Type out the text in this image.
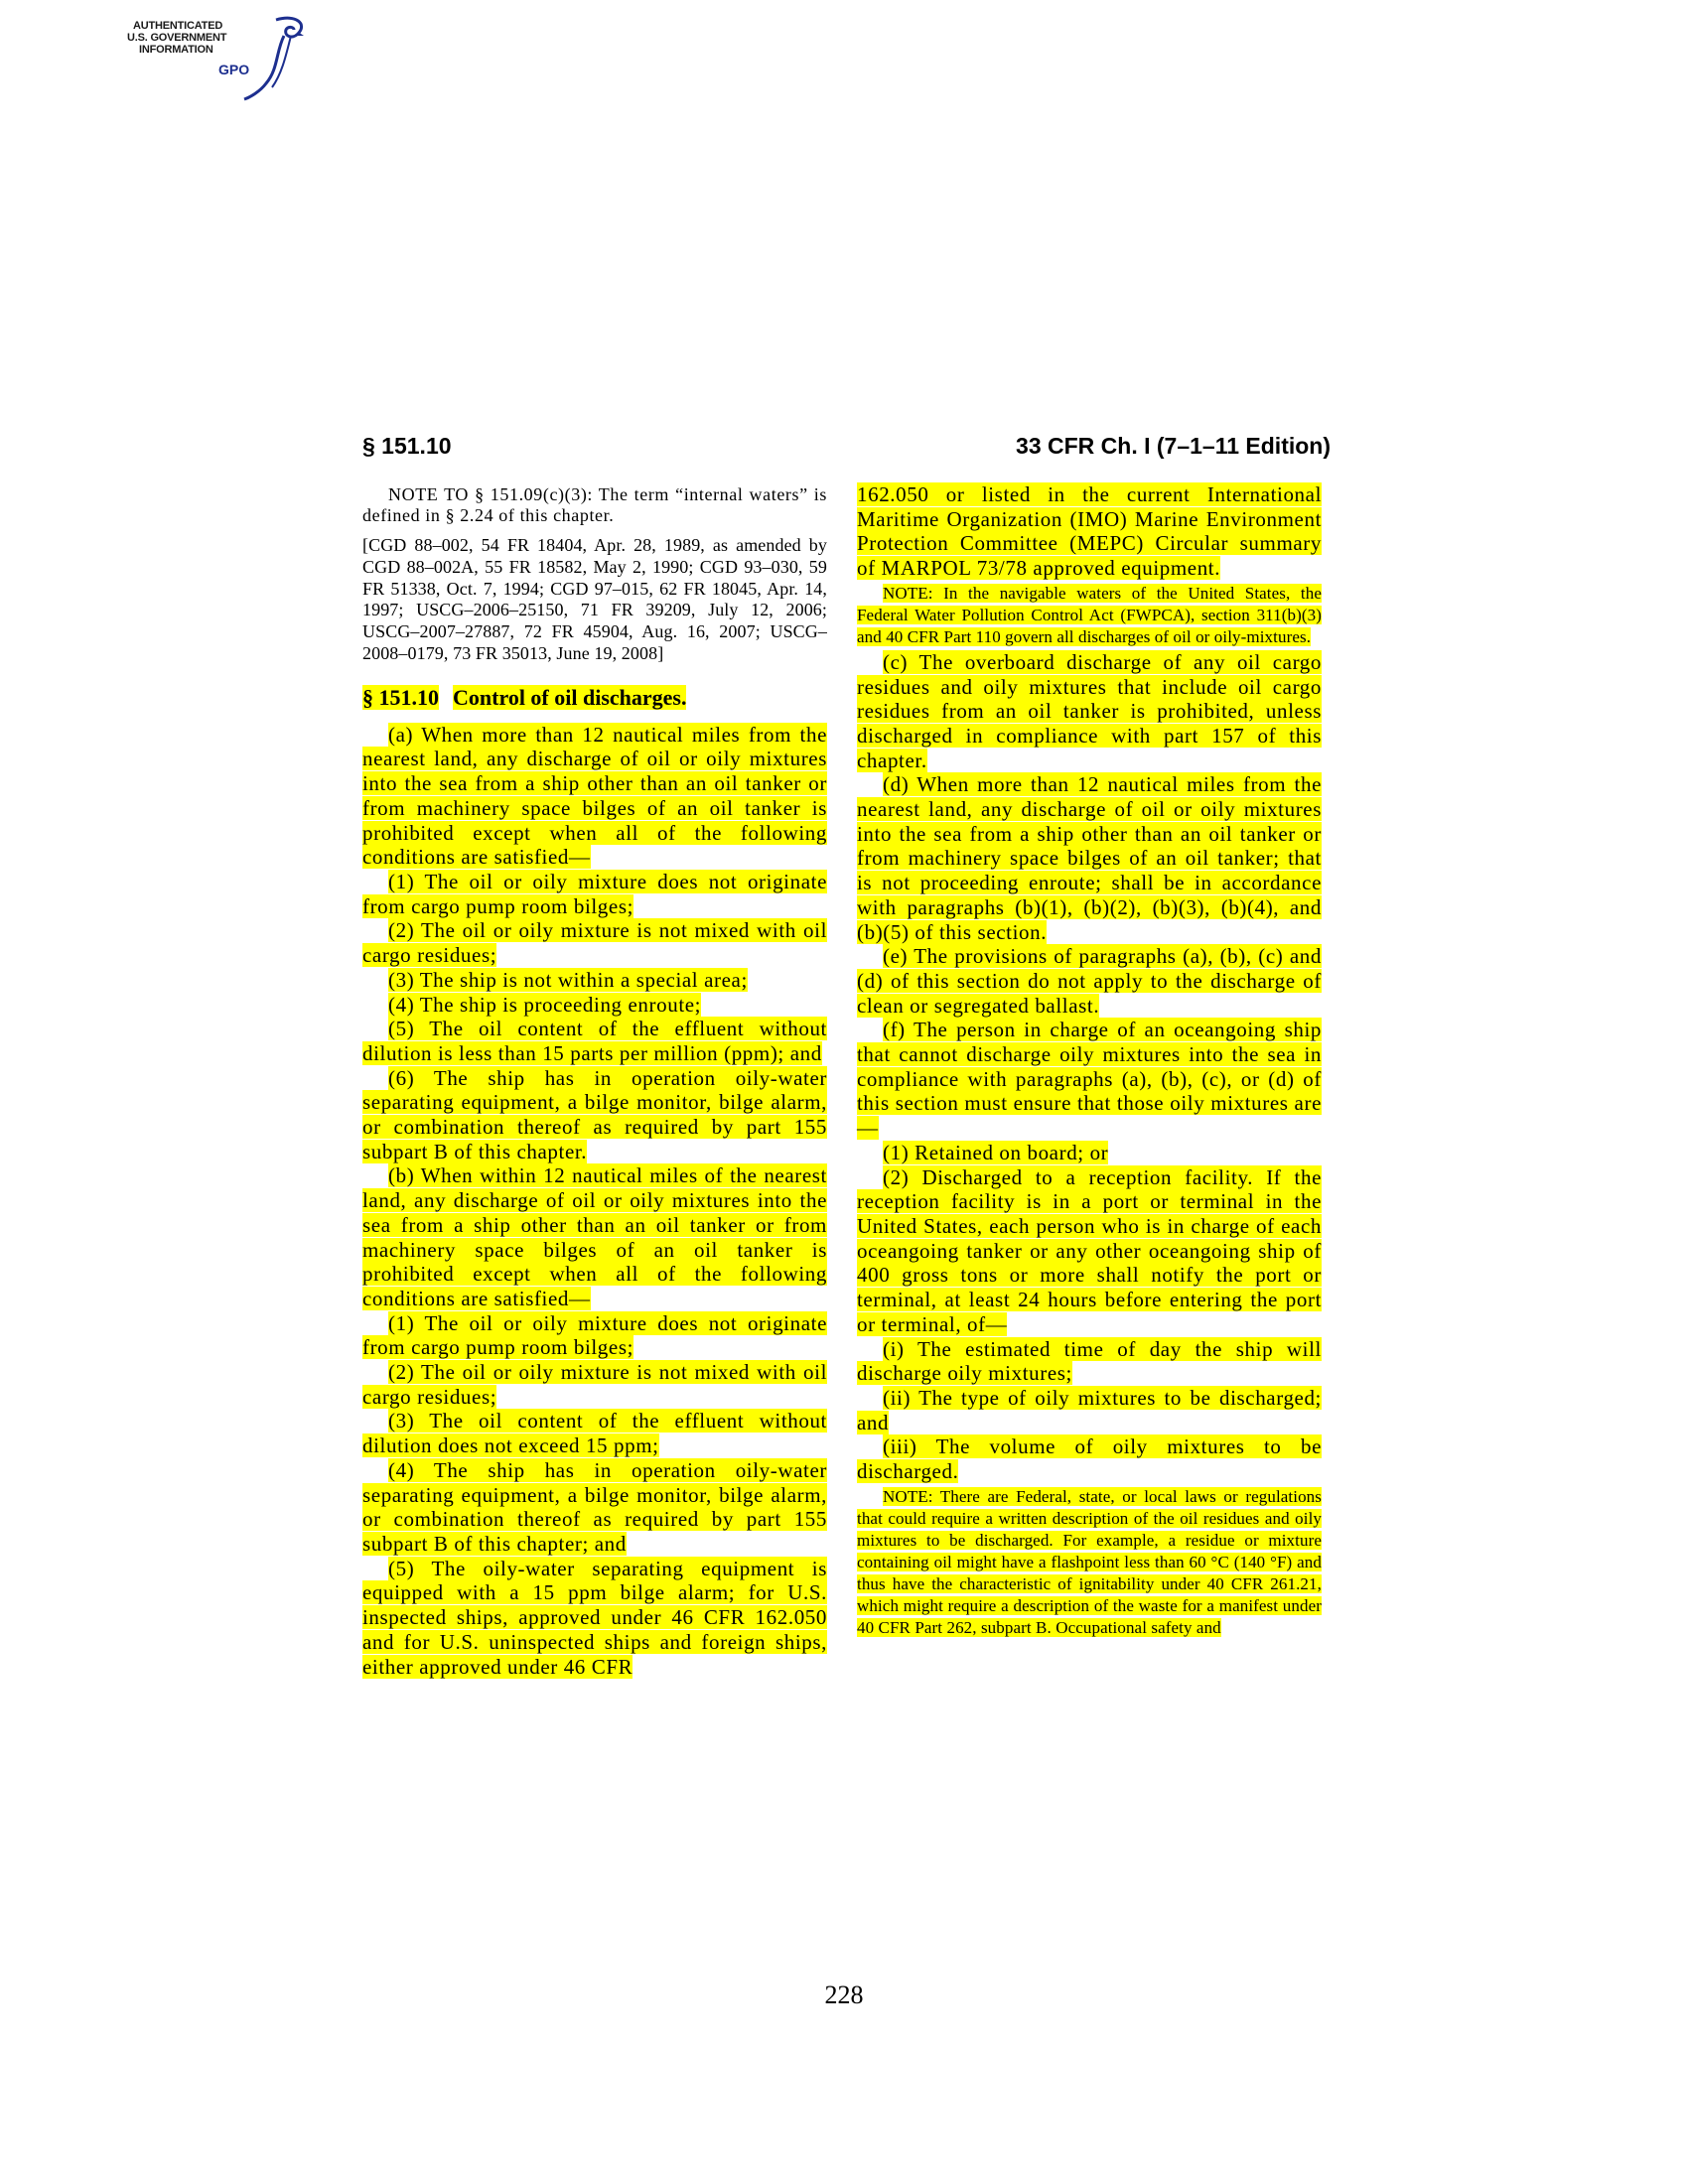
AUTHENTICATED
U.S. GOVERNMENT
INFORMATION
GPO
§ 151.10	33 CFR Ch. I (7–1–11 Edition)
NOTE TO § 151.09(c)(3): The term “internal waters” is defined in § 2.24 of this chapter.
[CGD 88–002, 54 FR 18404, Apr. 28, 1989, as amended by CGD 88–002A, 55 FR 18582, May 2, 1990; CGD 93–030, 59 FR 51338, Oct. 7, 1994; CGD 97–015, 62 FR 18045, Apr. 14, 1997; USCG–2006–25150, 71 FR 39209, July 12, 2006; USCG–2007–27887, 72 FR 45904, Aug. 16, 2007; USCG–2008–0179, 73 FR 35013, June 19, 2008]
§ 151.10 Control of oil discharges.
(a) When more than 12 nautical miles from the nearest land, any discharge of oil or oily mixtures into the sea from a ship other than an oil tanker or from machinery space bilges of an oil tanker is prohibited except when all of the following conditions are satisfied—
(1) The oil or oily mixture does not originate from cargo pump room bilges;
(2) The oil or oily mixture is not mixed with oil cargo residues;
(3) The ship is not within a special area;
(4) The ship is proceeding enroute;
(5) The oil content of the effluent without dilution is less than 15 parts per million (ppm); and
(6) The ship has in operation oily-water separating equipment, a bilge monitor, bilge alarm, or combination thereof as required by part 155 subpart B of this chapter.
(b) When within 12 nautical miles of the nearest land, any discharge of oil or oily mixtures into the sea from a ship other than an oil tanker or from machinery space bilges of an oil tanker is prohibited except when all of the following conditions are satisfied—
(1) The oil or oily mixture does not originate from cargo pump room bilges;
(2) The oil or oily mixture is not mixed with oil cargo residues;
(3) The oil content of the effluent without dilution does not exceed 15 ppm;
(4) The ship has in operation oily-water separating equipment, a bilge monitor, bilge alarm, or combination thereof as required by part 155 subpart B of this chapter; and
(5) The oily-water separating equipment is equipped with a 15 ppm bilge alarm; for U.S. inspected ships, approved under 46 CFR 162.050 and for U.S. uninspected ships and foreign ships, either approved under 46 CFR
162.050 or listed in the current International Maritime Organization (IMO) Marine Environment Protection Committee (MEPC) Circular summary of MARPOL 73/78 approved equipment.
NOTE: In the navigable waters of the United States, the Federal Water Pollution Control Act (FWPCA), section 311(b)(3) and 40 CFR Part 110 govern all discharges of oil or oily-mixtures.
(c) The overboard discharge of any oil cargo residues and oily mixtures that include oil cargo residues from an oil tanker is prohibited, unless discharged in compliance with part 157 of this chapter.
(d) When more than 12 nautical miles from the nearest land, any discharge of oil or oily mixtures into the sea from a ship other than an oil tanker or from machinery space bilges of an oil tanker; that is not proceeding enroute; shall be in accordance with paragraphs (b)(1), (b)(2), (b)(3), (b)(4), and (b)(5) of this section.
(e) The provisions of paragraphs (a), (b), (c) and (d) of this section do not apply to the discharge of clean or segregated ballast.
(f) The person in charge of an oceangoing ship that cannot discharge oily mixtures into the sea in compliance with paragraphs (a), (b), (c), or (d) of this section must ensure that those oily mixtures are—
(1) Retained on board; or
(2) Discharged to a reception facility. If the reception facility is in a port or terminal in the United States, each person who is in charge of each oceangoing tanker or any other oceangoing ship of 400 gross tons or more shall notify the port or terminal, at least 24 hours before entering the port or terminal, of—
(i) The estimated time of day the ship will discharge oily mixtures;
(ii) The type of oily mixtures to be discharged; and
(iii) The volume of oily mixtures to be discharged.
NOTE: There are Federal, state, or local laws or regulations that could require a written description of the oil residues and oily mixtures to be discharged. For example, a residue or mixture containing oil might have a flashpoint less than 60 °C (140 °F) and thus have the characteristic of ignitability under 40 CFR 261.21, which might require a description of the waste for a manifest under 40 CFR Part 262, subpart B. Occupational safety and
228
